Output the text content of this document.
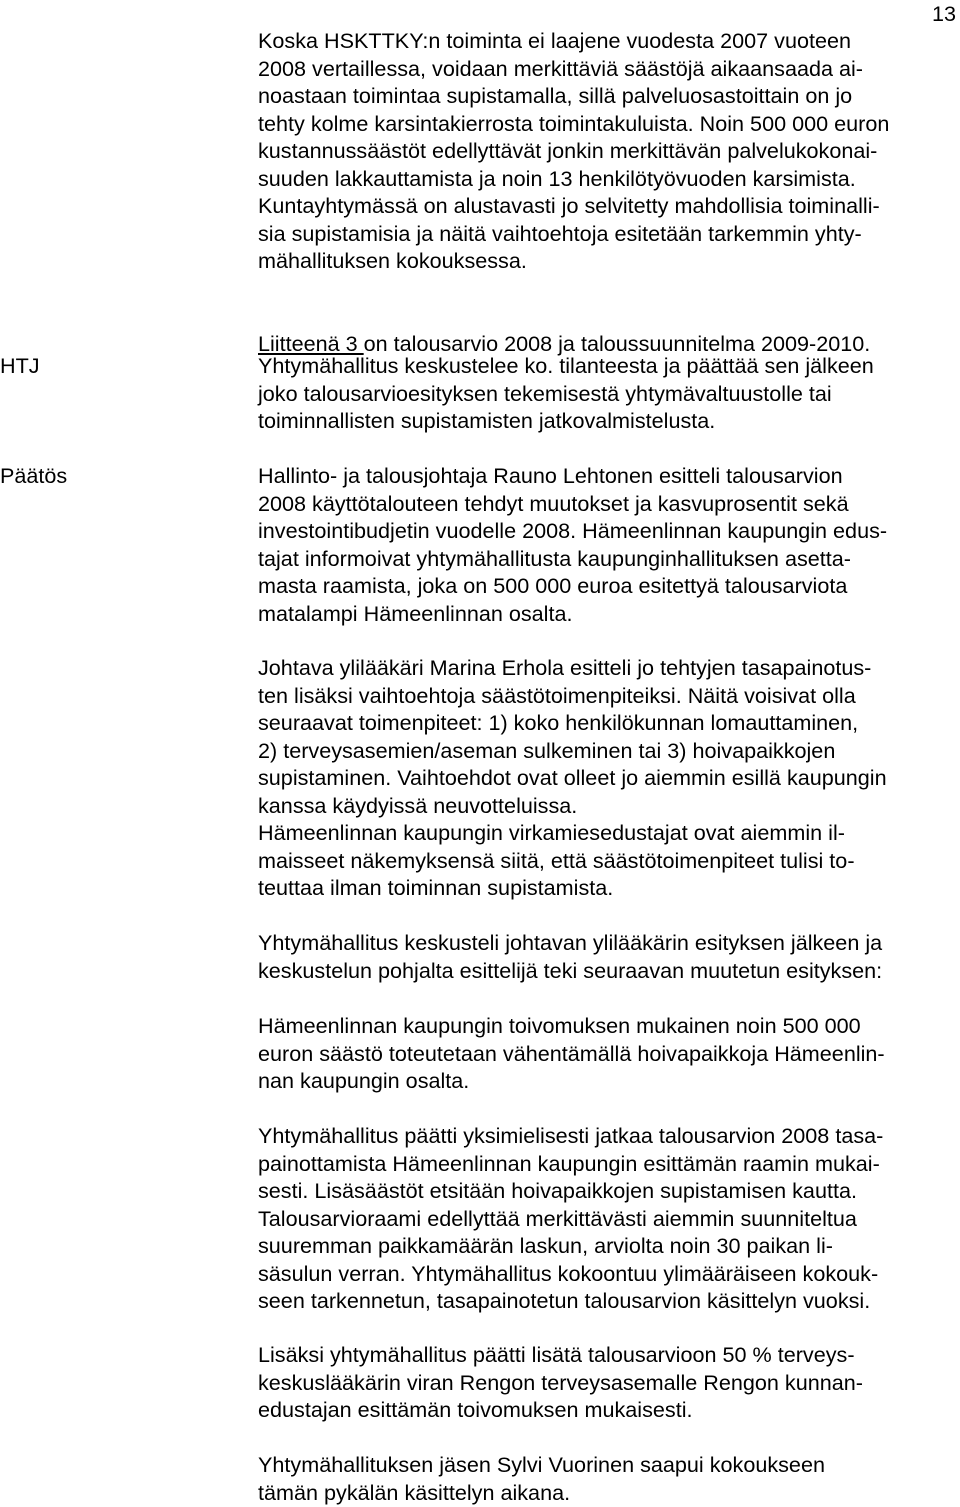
13

Koska HSKTTKY:n toiminta ei laajene vuodesta 2007 vuoteen
2008 vertaillessa, voidaan merkittäviä säästöjä aikaansaada ai-
noastaan toimintaa supistamalla, sillä palveluosastoittain on jo
tehty kolme karsintakierrosta toimintakuluista. Noin 500 000 euron
kustannussäästöt edellyttävät jonkin merkittävän palvelukokonai-
suuden lakkauttamista ja noin 13 henkilötyövuoden karsimista.
Kuntayhtymässä on alustavasti jo selvitetty mahdollisia toiminalli-
sia supistamisia ja näitä vaihtoehtoja esitetään tarkemmin yhty-
mähallituksen kokouksessa.

Liitteenä 3 on talousarvio 2008 ja taloussuunnitelma 2009-2010.

HTJ	Yhtymähallitus keskustelee ko. tilanteesta ja päättää sen jälkeen
joko talousarvioesityksen tekemisestä yhtymävaltuustolle tai
toiminnallisten supistamisten jatkovalmistelusta.

Päätös	Hallinto- ja talousjohtaja Rauno Lehtonen esitteli talousarvion
2008 käyttötalouteen tehdyt muutokset ja kasvuprosentit sekä
investointibudjetin vuodelle 2008. Hämeenlinnan kaupungin edus-
tajat informoivat yhtymähallitusta kaupunginhallituksen asetta-
masta raamista, joka on 500 000 euroa esitettyä talousarviota
matalampi Hämeenlinnan osalta.

Johtava ylilääkäri Marina Erhola esitteli jo tehtyjen tasapainotus-
ten lisäksi vaihtoehtoja säästötoimenpiteiksi. Näitä voisivat olla
seuraavat toimenpiteet: 1) koko henkilökunnan lomauttaminen,
2) terveysasemien/aseman sulkeminen tai 3) hoivapaikkojen
supistaminen. Vaihtoehdot ovat olleet jo aiemmin esillä kaupungin
kanssa käydyissä neuvotteluissa.
Hämeenlinnan kaupungin virkamiesedustajat ovat aiemmin il-
maisseet näkemyksensä siitä, että säästötoimenpiteet tulisi to-
teuttaa ilman toiminnan supistamista.

Yhtymähallitus keskusteli johtavan ylilääkärin esityksen jälkeen ja
keskustelun pohjalta esittelijä teki seuraavan muutetun esityksen:

Hämeenlinnan kaupungin toivomuksen mukainen noin 500 000
euron säästö toteutetaan vähentämällä hoivapaikkoja Hämeenlin-
nan kaupungin osalta.

Yhtymähallitus päätti yksimielisesti jatkaa talousarvion 2008 tasa-
painottamista Hämeenlinnan kaupungin esittämän raamin mukai-
sesti. Lisäsäästöt etsitään hoivapaikkojen supistamisen kautta.
Talousarvioraami edellyttää merkittävästi aiemmin suunniteltua
suuremman paikkamäärän laskun, arviolta noin 30 paikan li-
säsulun verran. Yhtymähallitus kokoontuu ylimääräiseen kokouk-
seen tarkennetun, tasapainotetun talousarvion käsittelyn vuoksi.

Lisäksi yhtymähallitus päätti lisätä talousarvioon 50 % terveys-
keskuslääkärin viran Rengon terveysasemalle Rengon kunnan-
edustajan esittämän toivomuksen mukaisesti.

Yhtymähallituksen jäsen Sylvi Vuorinen saapui kokoukseen
tämän pykälän käsittelyn aikana.
